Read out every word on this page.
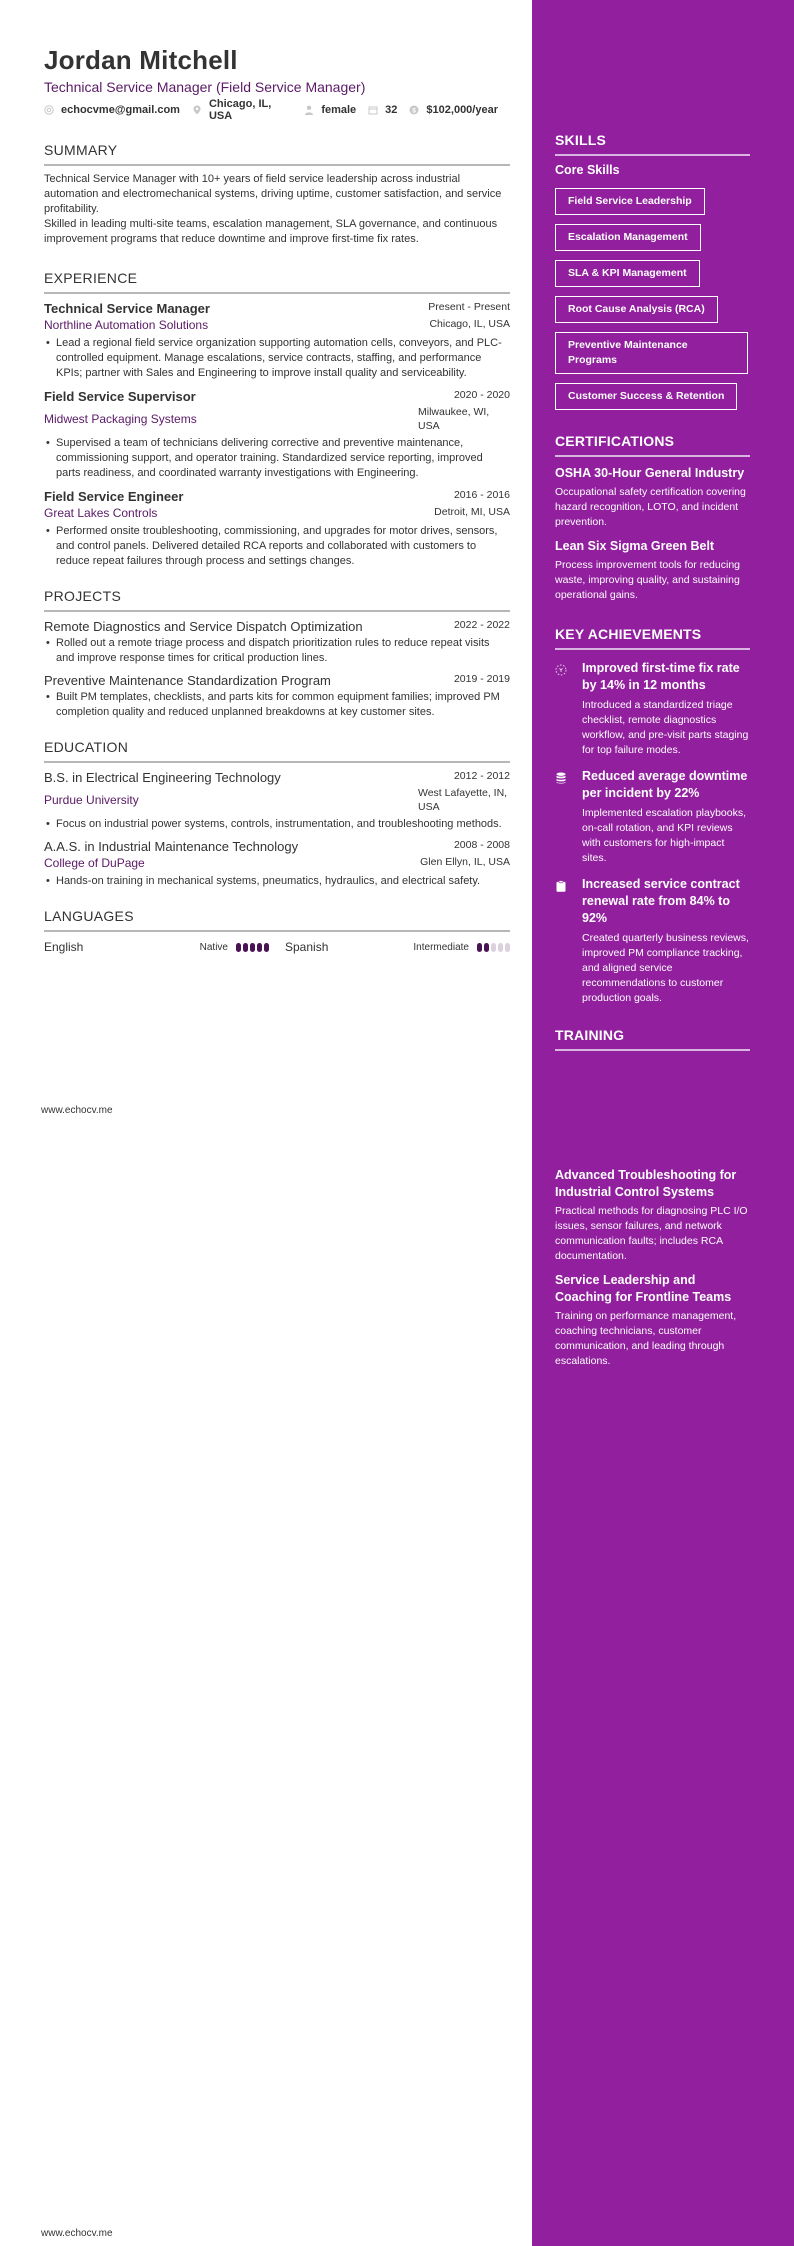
Jordan Mitchell
Technical Service Manager (Field Service Manager)
echocvme@gmail.com	Chicago, IL, USA	female	32 $ $102,000/year
SUMMARY
Technical Service Manager with 10+ years of field service leadership across industrial automation and electromechanical systems, driving uptime, customer satisfaction, and service profitability.
Skilled in leading multi-site teams, escalation management, SLA governance, and continuous improvement programs that reduce downtime and improve first-time fix rates.
EXPERIENCE
Technical Service Manager	Present - Present
Northline Automation Solutions	Chicago, IL, USA
• Lead a regional field service organization supporting automation cells, conveyors, and PLC-controlled equipment. Manage escalations, service contracts, staffing, and performance KPIs; partner with Sales and Engineering to improve install quality and serviceability.
Field Service Supervisor	2020 - 2020
Midwest Packaging Systems	Milwaukee, WI, USA
• Supervised a team of technicians delivering corrective and preventive maintenance, commissioning support, and operator training. Standardized service reporting, improved parts readiness, and coordinated warranty investigations with Engineering.
Field Service Engineer	2016 - 2016
Great Lakes Controls	Detroit, MI, USA
• Performed onsite troubleshooting, commissioning, and upgrades for motor drives, sensors, and control panels. Delivered detailed RCA reports and collaborated with customers to reduce repeat failures through process and settings changes.
PROJECTS
Remote Diagnostics and Service Dispatch Optimization	2022 - 2022
• Rolled out a remote triage process and dispatch prioritization rules to reduce repeat visits and improve response times for critical production lines.
Preventive Maintenance Standardization Program	2019 - 2019
• Built PM templates, checklists, and parts kits for common equipment families; improved PM completion quality and reduced unplanned breakdowns at key customer sites.
EDUCATION
B.S. in Electrical Engineering Technology	2012 - 2012
Purdue University	West Lafayette, IN, USA
• Focus on industrial power systems, controls, instrumentation, and troubleshooting methods.
A.A.S. in Industrial Maintenance Technology	2008 - 2008
College of DuPage	Glen Ellyn, IL, USA
• Hands-on training in mechanical systems, pneumatics, hydraulics, and electrical safety.
LANGUAGES
English	Native	Spanish	Intermediate
www.echocv.me
www.echocv.me
SKILLS
Core Skills
Field Service Leadership
Escalation Management
SLA & KPI Management
Root Cause Analysis (RCA)
Preventive Maintenance Programs
Customer Success & Retention
CERTIFICATIONS
OSHA 30-Hour General Industry
Occupational safety certification covering hazard recognition, LOTO, and incident prevention.
Lean Six Sigma Green Belt
Process improvement tools for reducing waste, improving quality, and sustaining operational gains.
KEY ACHIEVEMENTS
Improved first-time fix rate by 14% in 12 months
Introduced a standardized triage checklist, remote diagnostics workflow, and pre-visit parts staging for top failure modes.
Reduced average downtime per incident by 22%
Implemented escalation playbooks, on-call rotation, and KPI reviews with customers for high-impact sites.
Increased service contract renewal rate from 84% to 92%
Created quarterly business reviews, improved PM compliance tracking, and aligned service recommendations to customer production goals.
TRAINING
Advanced Troubleshooting for Industrial Control Systems
Practical methods for diagnosing PLC I/O issues, sensor failures, and network communication faults; includes RCA documentation.
Service Leadership and Coaching for Frontline Teams
Training on performance management, coaching technicians, customer communication, and leading through escalations.
